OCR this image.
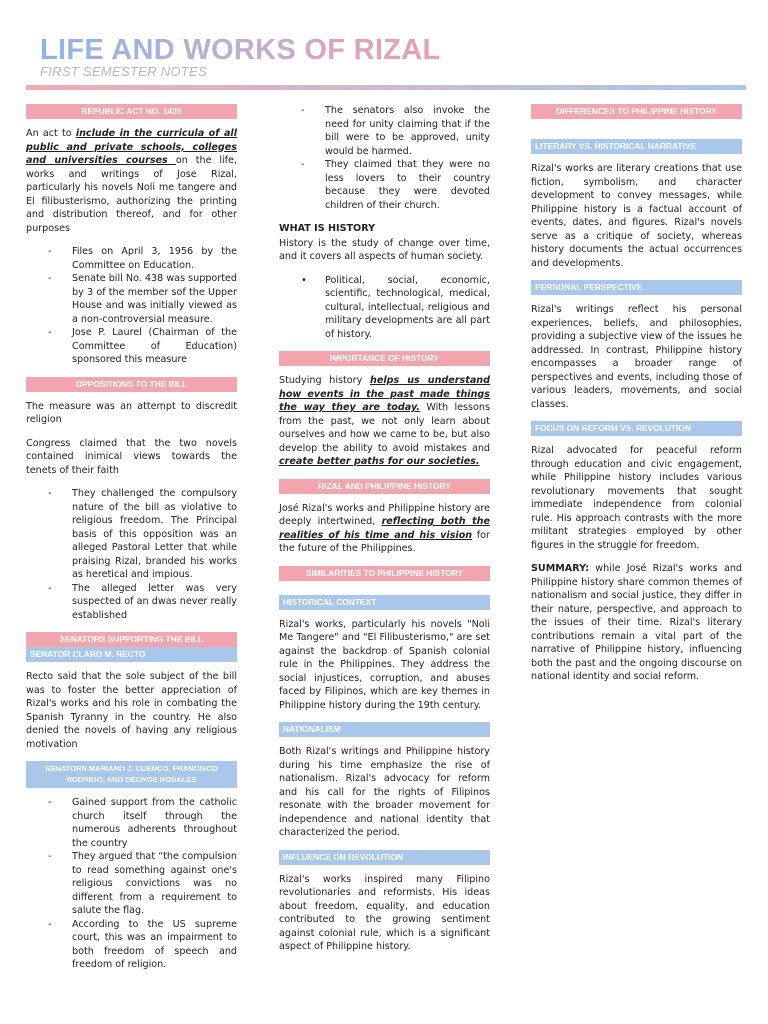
LIFE AND WORKS OF RIZAL
FIRST SEMESTER NOTES
REPUBLIC ACT NO. 1425

An act to include in the curricula of all public and private schools, colleges and universities courses on the life, works and writings of Jose Rizal, particularly his novels Noli me tangere and El filibusterismo, authorizing the printing and distribution thereof, and for other purposes

- Files on April 3, 1956 by the Committee on Education.
- Senate bill No. 438 was supported by 3 of the member sof the Upper House and was initially viewed as a non-controversial measure.
- Jose P. Laurel (Chairman of the Committee of Education) sponsored this measure
OPPOSITIONS TO THE BILL

The measure was an attempt to discredit religion

Congress claimed that the two novels contained inimical views towards the tenets of their faith

- They challenged the compulsory nature of the bill as violative to religious freedom. The Principal basis of this opposition was an alleged Pastoral Letter that while praising Rizal, branded his works as heretical and impious.
- The alleged letter was very suspected of an dwas never really established
SENATORS SUPPORTING THE BILL
SENATOR CLARO M. RECTO

Recto said that the sole subject of the bill was to foster the better appreciation of Rizal's works and his role in combating the Spanish Tyranny in the country. He also denied the novels of having any religious motivation

SENATORS MARIANO J. CUENCO, FRANCISCO RODRIGO, AND DECROS ROSALES
- Gained support from the catholic church itself through the numerous adherents throughout the country
- They argued that “the compulsion to read something against one's religious convictions was no different from a requirement to salute the flag.
- According to the US supreme court, this was an impairment to both freedom of speech and freedom of religion.
- The senators also invoke the need for unity claiming that if the bill were to be approved, unity would be harmed.
- They claimed that they were no less lovers to their country because they were devoted children of their church.
WHAT IS HISTORY

History is the study of change over time, and it covers all aspects of human society.

• Political, social, economic, scientific, technological, medical, cultural, intellectual, religious and military developments are all part of history.
IMPORTANCE OF HISTORY

Studying history helps us understand how events in the past made things the way they are today. With lessons from the past, we not only learn about ourselves and how we came to be, but also develop the ability to avoid mistakes and create better paths for our societies.

RIZAL AND PHILIPPINE HISTORY

José Rizal's works and Philippine history are deeply intertwined, reflecting both the realities of his time and his vision for the future of the Philippines.

SIMILARITIES TO PHILIPPINE HISTORY
HISTORICAL CONTEXT

Rizal's works, particularly his novels "Noli Me Tangere" and "El Filibusterismo," are set against the backdrop of Spanish colonial rule in the Philippines. They address the social injustices, corruption, and abuses faced by Filipinos, which are key themes in Philippine history during the 19th century.

NATIONALISM

Both Rizal's writings and Philippine history during his time emphasize the rise of nationalism. Rizal's advocacy for reform and his call for the rights of Filipinos resonate with the broader movement for independence and national identity that characterized the period.

INFLUENCE ON REVOLUTION

Rizal's works inspired many Filipino revolutionaries and reformists. His ideas about freedom, equality, and education contributed to the growing sentiment against colonial rule, which is a significant aspect of Philippine history.

DIFFERENCES TO PHILIPPINE HISTORY
LITERARY VS. HISTORICAL NARRATIVE

Rizal's works are literary creations that use fiction, symbolism, and character development to convey messages, while Philippine history is a factual account of events, dates, and figures. Rizal's novels serve as a critique of society, whereas history documents the actual occurrences and developments.

PERSONAL PERSPECTIVE

Rizal's writings reflect his personal experiences, beliefs, and philosophies, providing a subjective view of the issues he addressed. In contrast, Philippine history encompasses a broader range of perspectives and events, including those of various leaders, movements, and social classes.

FOCUS ON REFORM VS. REVOLUTION

Rizal advocated for peaceful reform through education and civic engagement, while Philippine history includes various revolutionary movements that sought immediate independence from colonial rule. His approach contrasts with the more militant strategies employed by other figures in the struggle for freedom.

SUMMARY: while José Rizal's works and Philippine history share common themes of nationalism and social justice, they differ in their nature, perspective, and approach to the issues of their time. Rizal's literary contributions remain a vital part of the narrative of Philippine history, influencing both the past and the ongoing discourse on national identity and social reform.
